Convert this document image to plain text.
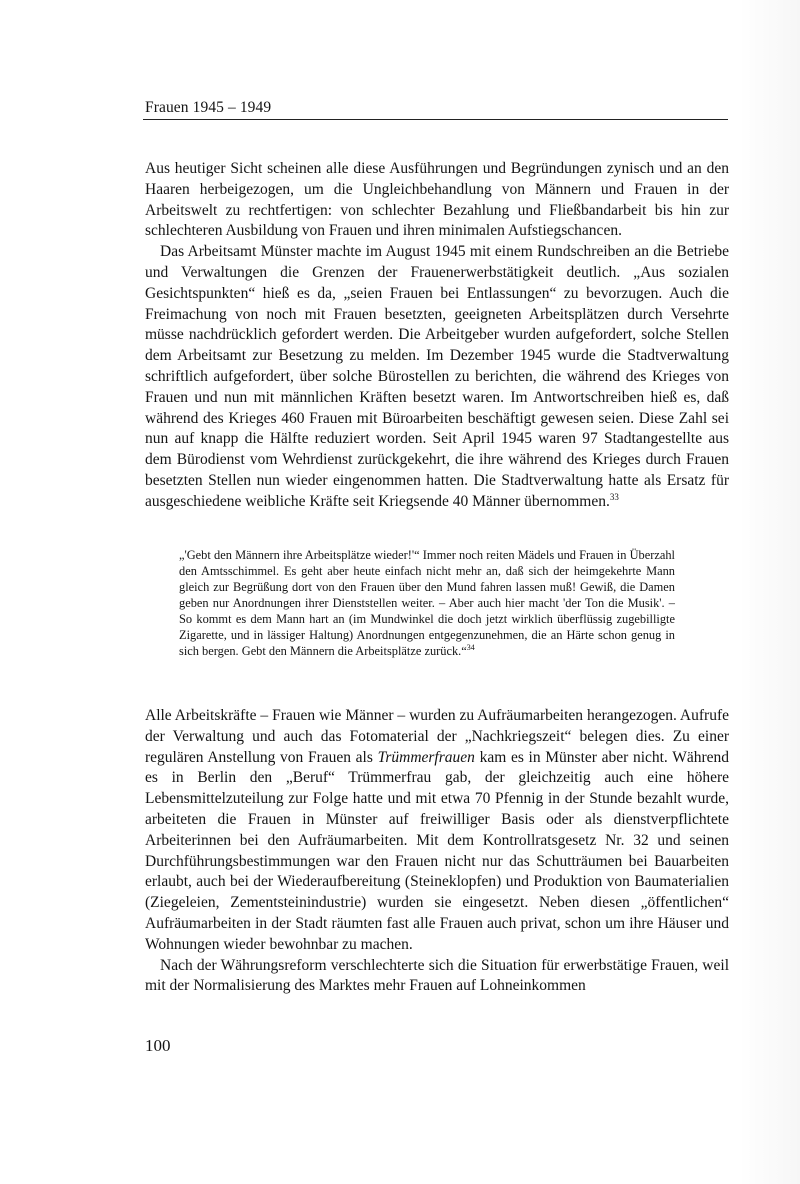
Frauen 1945 – 1949

Aus heutiger Sicht scheinen alle diese Ausführungen und Begründungen zynisch und an den Haaren herbeigezogen, um die Ungleichbehandlung von Männern und Frauen in der Arbeitswelt zu rechtfertigen: von schlechter Bezahlung und Fließbandarbeit bis hin zur schlechteren Ausbildung von Frauen und ihren minimalen Aufstiegschancen.

Das Arbeitsamt Münster machte im August 1945 mit einem Rundschreiben an die Betriebe und Verwaltungen die Grenzen der Frauenerwerbstätigkeit deutlich. „Aus sozialen Gesichtspunkten“ hieß es da, „seien Frauen bei Entlassungen“ zu bevorzugen. Auch die Freimachung von noch mit Frauen besetzten, geeigneten Arbeitsplätzen durch Versehrte müsse nachdrücklich gefordert werden. Die Arbeitgeber wurden aufgefordert, solche Stellen dem Arbeitsamt zur Besetzung zu melden. Im Dezember 1945 wurde die Stadtverwaltung schriftlich aufgefordert, über solche Bürostellen zu berichten, die während des Krieges von Frauen und nun mit männlichen Kräften besetzt waren. Im Antwortschreiben hieß es, daß während des Krieges 460 Frauen mit Büroarbeiten beschäftigt gewesen seien. Diese Zahl sei nun auf knapp die Hälfte reduziert worden. Seit April 1945 waren 97 Stadtangestellte aus dem Bürodienst vom Wehrdienst zurückgekehrt, die ihre während des Krieges durch Frauen besetzten Stellen nun wieder eingenommen hatten. Die Stadtverwaltung hatte als Ersatz für ausgeschiedene weibliche Kräfte seit Kriegsende 40 Männer übernommen.$^{33}$

„'Gebt den Männern ihre Arbeitsplätze wieder!'“ Immer noch reiten Mädels und Frauen in Überzahl den Amtsschimmel. Es geht aber heute einfach nicht mehr an, daß sich der heimgekehrte Mann gleich zur Begrüßung dort von den Frauen über den Mund fahren lassen muß! Gewiß, die Damen geben nur Anordnungen ihrer Dienststellen weiter. – Aber auch hier macht 'der Ton die Musik'. – So kommt es dem Mann hart an (im Mundwinkel die doch jetzt wirklich überflüssig zugebilligte Zigarette, und in lässiger Haltung) Anordnungen entgegenzunehmen, die an Härte schon genug in sich bergen. Gebt den Männern die Arbeitsplätze zurück.“$^{34}$

Alle Arbeitskräfte – Frauen wie Männer – wurden zu Aufräumarbeiten herangezogen. Aufrufe der Verwaltung und auch das Fotomaterial der „Nachkriegszeit“ belegen dies. Zu einer regulären Anstellung von Frauen als Trümmerfrauen kam es in Münster aber nicht. Während es in Berlin den „Beruf“ Trümmerfrau gab, der gleichzeitig auch eine höhere Lebensmittelzuteilung zur Folge hatte und mit etwa 70 Pfennig in der Stunde bezahlt wurde, arbeiteten die Frauen in Münster auf freiwilliger Basis oder als dienstverpflichtete Arbeiterinnen bei den Aufräumarbeiten. Mit dem Kontrollratsgesetz Nr. 32 und seinen Durchführungsbestimmungen war den Frauen nicht nur das Schutträumen bei Bauarbeiten erlaubt, auch bei der Wiederaufbereitung (Steineklopfen) und Produktion von Baumaterialien (Ziegeleien, Zementsteinindustrie) wurden sie eingesetzt. Neben diesen „öffentlichen“ Aufräumarbeiten in der Stadt räumten fast alle Frauen auch privat, schon um ihre Häuser und Wohnungen wieder bewohnbar zu machen.

Nach der Währungsreform verschlechterte sich die Situation für erwerbstätige Frauen, weil mit der Normalisierung des Marktes mehr Frauen auf Lohneinkommen

100
